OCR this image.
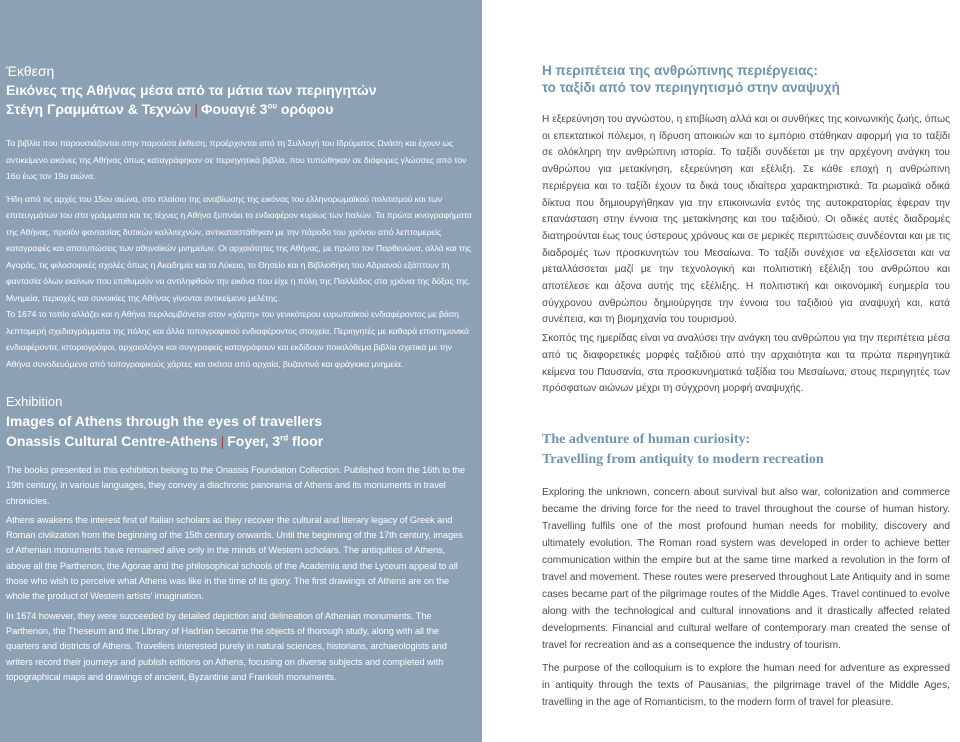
Έκθεση
Εικόνες της Αθήνας μέσα από τα μάτια των περιηγητών
Στέγη Γραμμάτων & Τεχνών | Φουαγιέ $3^{o\upsilon}$ ορόφου

Τα βιβλία που παρουσιάζονται στην παρούσα έκθεση, προέρχονται από τη Συλλογή του Ιδρύματος Ωνάση και έχουν ως αντικείμενο εικόνες της Αθήνας όπως καταγράφηκαν σε περιηγητικά βιβλία, που τυπώθηκαν σε διάφορες γλώσσες από τον 16ο έως τον 19ο αιώνα.

Ήδη από τις αρχές του 15ου αιώνα, στο πλαίσιο της αναβίωσης της εικόνας του ελληνορωμαϊκού πολιτισμού και των επιτευγμάτων του στα γράμματα και τις τέχνες η Αθήνα ξυπνάει το ενδιαφέρον κυρίως των Ιταλών. Τα πρώτα ικνογραφήματα της Αθήνας, προϊόν φαντασίας δυτικών καλλιτεχνών, αντικαταστάθηκαν με την πάροδο του χρόνου από λεπτομερείς καταγραφές και αποτυπώσεις των αθηναϊκών μνημείων. Οι αρχαιότητες της Αθήνας, με πρώτο τον Παρθενώνα, αλλά και της Αγοράς, τις φιλοσοφικές σχολές όπως η Ακαδημία και το Λύκειο, το Θησείο και η Βιβλιοθήκη του Αδριανού εξάπτουν τη φαντασία όλων εκείνων που επιθυμούν να αντιληφθούν την εικόνα που είχε η πόλη της Παλλάδος στα χρόνια της δόξας της. Μνημεία, περιοχές και συνοικίες της Αθήνας γίνονται αντικείμενο μελέτης.

Το 1674 το τοπίο αλλάζει και η Αθήνα περιλαμβάνεται στον «χάρτη» του γενικότερου ευρωπαϊκού ενδιαφέροντος με βάση λεπτομερή σχεδιαγράμματα της πόλης και άλλα τοπογραφικού ενδιαφέροντος στοιχεία. Περιηγητές με καθαρά επιστημονικά ενδιαφέροντα, ιστοριογράφοι, αρχαιολόγοι και συγγραφείς καταγράφουν και εκδίδουν ποικιλόθεμα βιβλία σχετικά με την Αθήνα συνοδευόμενα από τοπογραφικούς χάρτες και σκίτσα από αρχαία, βυζαντινά και φράγκικα μνημεία.

Exhibition
Images of Athens through the eyes of travellers
Onassis Cultural Centre-Athens | Foyer, 3rd floor

The books presented in this exhibition belong to the Onassis Foundation Collection. Published from the 16th to the 19th century, in various languages, they convey a diachronic panorama of Athens and its monuments in travel chronicles.

Athens awakens the interest first of Italian scholars as they recover the cultural and literary legacy of Greek and Roman civilization from the beginning of the 15th century onwards. Until the beginning of the 17th century, images of Athenian monuments have remained alive only in the minds of Western scholars. The antiquities of Athens, above all the Parthenon, the Agorae and the philosophical schools of the Academia and the Lyceum appeal to all those who wish to perceive what Athens was like in the time of its glory. The first drawings of Athens are on the whole the product of Western artists’ imagination.

In 1674 however, they were succeeded by detailed depiction and delineation of Athenian monuments. The Parthenon, the Theseum and the Library of Hadrian became the objects of thorough study, along with all the quarters and districts of Athens. Travellers interested purely in natural sciences, historians, archaeologists and writers record their journeys and publish editions on Athens, focusing on diverse subjects and completed with topographical maps and drawings of ancient, Byzantine and Frankish monuments.

Η περιπέτεια της ανθρώπινης περιέργειας:
το ταξίδι από τον περιηγητισμό στην αναψυχή

Η εξερεύνηση του αγνώστου, η επιβίωση αλλά και οι συνθήκες της κοινωνικής ζωής, όπως οι επεκτατικοί πόλεμοι, η ίδρυση αποικιών και το εμπόριο στάθηκαν αφορμή για το ταξίδι σε ολόκληρη την ανθρώπινη ιστορία. Το ταξίδι συνδέεται με την αρχέγονη ανάγκη του ανθρώπου για μετακίνηση, εξερεύνηση και εξέλιξη. Σε κάθε εποχή η ανθρώπινη περιέργεια και το ταξίδι έχουν τα δικά τους ιδιαίτερα χαρακτηριστικά. Τα ρωμαϊκά οδικά δίκτυα που δημιουργήθηκαν για την επικοινωνία εντός της αυτοκρατορίας έφεραν την επανάσταση στην έννοια της μετακίνησης και του ταξιδιού. Οι οδικές αυτές διαδρομές διατηρούνται έως τους ύστερους χρόνους και σε μερικές περιπτώσεις συνδέονται και με τις διαδρομές των προσκυνητών του Μεσαίωνα. Το ταξίδι συνέχισε να εξελίσσεται και να μεταλλάσσεται μαζί με την τεχνολογική και πολιτιστική εξέλιξη του ανθρώπου και αποτέλεσε και άξονα αυτής της εξέλιξης. Η πολιτιστική και οικονομική ευημερία του σύγχρονου ανθρώπου δημιούργησε την έννοια του ταξιδιού για αναψυχή και, κατά συνέπεια, και τη βιομηχανία του τουρισμού.

Σκοπός της ημερίδας είναι να αναλύσει την ανάγκη του ανθρώπου για την περιπέτεια μέσα από τις διαφορετικές μορφές ταξιδιού από την αρχαιότητα και τα πρώτα περιηγητικά κείμενα του Παυσανία, στα προσκυνηματικά ταξίδια του Μεσαίωνα, στους περιηγητές των πρόσφατων αιώνων μέχρι τη σύγχρονη μορφή αναψυχής.

The adventure of human curiosity:
Travelling from antiquity to modern recreation

Exploring the unknown, concern about survival but also war, colonization and commerce became the driving force for the need to travel throughout the course of human history. Travelling fulfils one of the most profound human needs for mobility, discovery and ultimately evolution. The Roman road system was developed in order to achieve better communication within the empire but at the same time marked a revolution in the form of travel and movement. These routes were preserved throughout Late Antiquity and in some cases became part of the pilgrimage routes of the Middle Ages. Travel continued to evolve along with the technological and cultural innovations and it drastically affected related developments. Financial and cultural welfare of contemporary man created the sense of travel for recreation and as a consequence the industry of tourism.

The purpose of the colloquium is to explore the human need for adventure as expressed in antiquity through the texts of Pausanias, the pilgrimage travel of the Middle Ages, travelling in the age of Romanticism, to the modern form of travel for pleasure.
